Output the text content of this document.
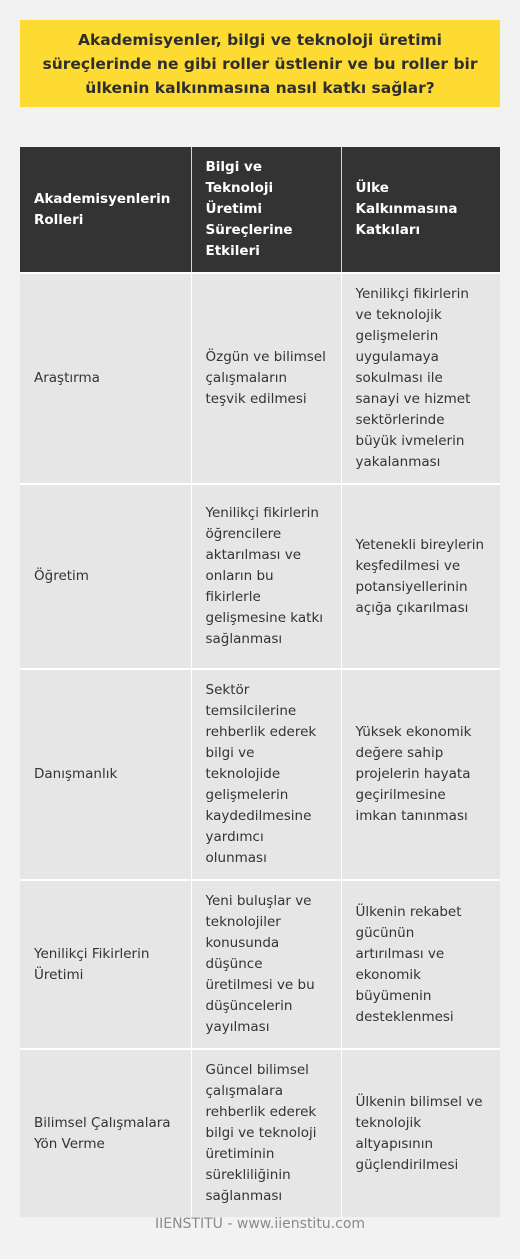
Akademisyenler, bilgi ve teknoloji üretimi süreçlerinde ne gibi roller üstlenir ve bu roller bir ülkenin kalkınmasına nasıl katkı sağlar?

Akademisyenlerin Rolleri	Bilgi ve Teknoloji Üretimi Süreçlerine Etkileri	Ülke Kalkınmasına Katkıları
Araştırma	Özgün ve bilimsel çalışmaların teşvik edilmesi	Yenilikçi fikirlerin ve teknolojik gelişmelerin uygulamaya sokulması ile sanayi ve hizmet sektörlerinde büyük ivmelerin yakalanması
Öğretim	Yenilikçi fikirlerin öğrencilere aktarılması ve onların bu fikirlerle gelişmesine katkı sağlanması	Yetenekli bireylerin keşfedilmesi ve potansiyellerinin açığa çıkarılması
Danışmanlık	Sektör temsilcilerine rehberlik ederek bilgi ve teknolojide gelişmelerin kaydedilmesine yardımcı olunması	Yüksek ekonomik değere sahip projelerin hayata geçirilmesine imkan tanınması
Yenilikçi Fikirlerin Üretimi	Yeni buluşlar ve teknolojiler konusunda düşünce üretilmesi ve bu düşüncelerin yayılması	Ülkenin rekabet gücünün artırılması ve ekonomik büyümenin desteklenmesi
Bilimsel Çalışmalara Yön Verme	Güncel bilimsel çalışmalara rehberlik ederek bilgi ve teknoloji üretiminin sürekliliğinin sağlanması	Ülkenin bilimsel ve teknolojik altyapısının güçlendirilmesi
IIENSTITU - www.iienstitu.com
